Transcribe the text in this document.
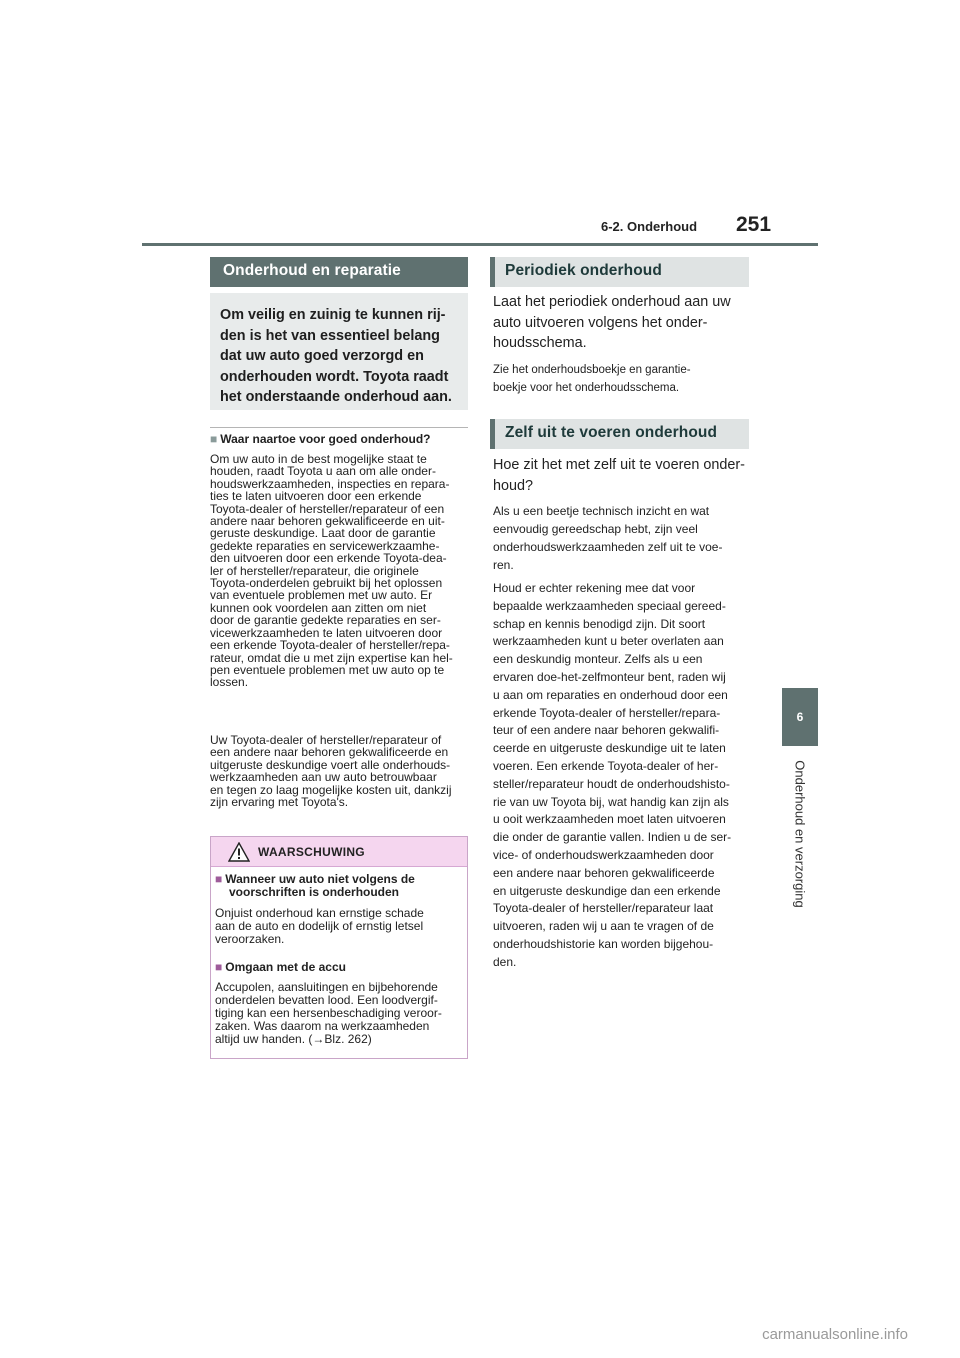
6-2. Onderhoud 251
6
Onderhoud en verzorging
Onderhoud en reparatie
Om veilig en zuinig te kunnen rij-
den is het van essentieel belang
dat uw auto goed verzorgd en
onderhouden wordt. Toyota raadt
het onderstaande onderhoud aan.
■ Waar naartoe voor goed onderhoud?
Om uw auto in de best mogelijke staat te
houden, raadt Toyota u aan om alle onder-
houdswerkzaamheden, inspecties en repara-
ties te laten uitvoeren door een erkende
Toyota-dealer of hersteller/reparateur of een
andere naar behoren gekwalificeerde en uit-
geruste deskundige. Laat door de garantie
gedekte reparaties en servicewerkzaamhe-
den uitvoeren door een erkende Toyota-dea-
ler of hersteller/reparateur, die originele
Toyota-onderdelen gebruikt bij het oplossen
van eventuele problemen met uw auto. Er
kunnen ook voordelen aan zitten om niet
door de garantie gedekte reparaties en ser-
vicewerkzaamheden te laten uitvoeren door
een erkende Toyota-dealer of hersteller/repa-
rateur, omdat die u met zijn expertise kan hel-
pen eventuele problemen met uw auto op te
lossen.
Uw Toyota-dealer of hersteller/reparateur of
een andere naar behoren gekwalificeerde en
uitgeruste deskundige voert alle onderhouds-
werkzaamheden aan uw auto betrouwbaar
en tegen zo laag mogelijke kosten uit, dankzij
zijn ervaring met Toyota's.
WAARSCHUWING
■ Wanneer uw auto niet volgens de
voorschriften is onderhouden
Onjuist onderhoud kan ernstige schade
aan de auto en dodelijk of ernstig letsel
veroorzaken.
■ Omgaan met de accu
Accupolen, aansluitingen en bijbehorende
onderdelen bevatten lood. Een loodvergif-
tiging kan een hersenbeschadiging veroor-
zaken. Was daarom na werkzaamheden
altijd uw handen. (→Blz. 262)
Periodiek onderhoud
Laat het periodiek onderhoud aan uw
auto uitvoeren volgens het onder-
houdsschema.
Zie het onderhoudsboekje en garantie-
boekje voor het onderhoudsschema.
Zelf uit te voeren onderhoud
Hoe zit het met zelf uit te voeren onder-
houd?
Als u een beetje technisch inzicht en wat
eenvoudig gereedschap hebt, zijn veel
onderhoudswerkzaamheden zelf uit te voe-
ren.
Houd er echter rekening mee dat voor
bepaalde werkzaamheden speciaal gereed-
schap en kennis benodigd zijn. Dit soort
werkzaamheden kunt u beter overlaten aan
een deskundig monteur. Zelfs als u een
ervaren doe-het-zelfmonteur bent, raden wij
u aan om reparaties en onderhoud door een
erkende Toyota-dealer of hersteller/repara-
teur of een andere naar behoren gekwalifi-
ceerde en uitgeruste deskundige uit te laten
voeren. Een erkende Toyota-dealer of her-
steller/reparateur houdt de onderhoudshisto-
rie van uw Toyota bij, wat handig kan zijn als
u ooit werkzaamheden moet laten uitvoeren
die onder de garantie vallen. Indien u de ser-
vice- of onderhoudswerkzaamheden door
een andere naar behoren gekwalificeerde
en uitgeruste deskundige dan een erkende
Toyota-dealer of hersteller/reparateur laat
uitvoeren, raden wij u aan te vragen of de
onderhoudshistorie kan worden bijgehou-
den.
carmanualsonline.info
